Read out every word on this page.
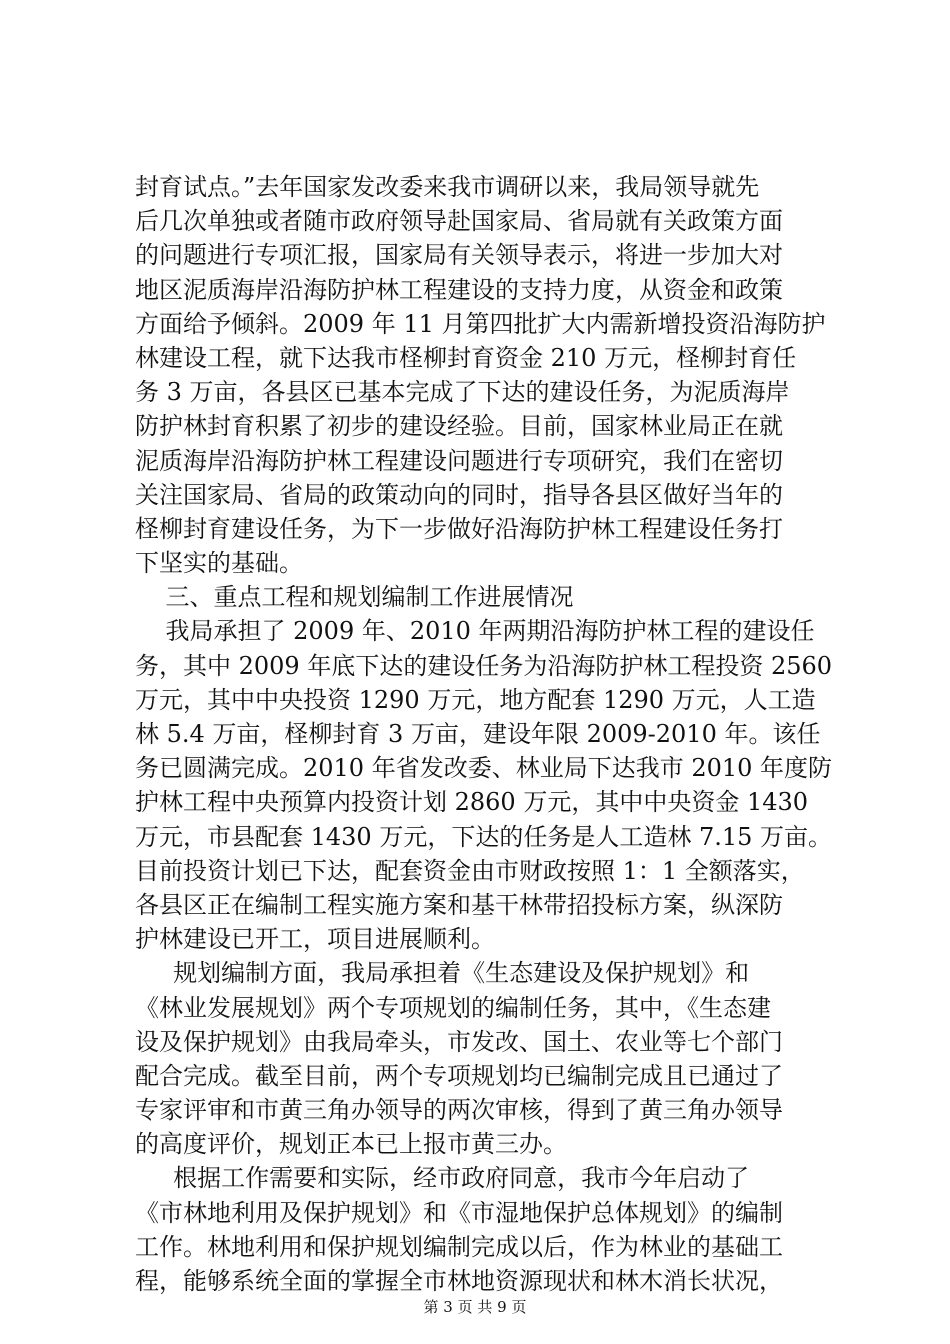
封育试点。”去年国家发改委来我市调研以来，我局领导就先
后几次单独或者随市政府领导赴国家局、省局就有关政策方面
的问题进行专项汇报，国家局有关领导表示，将进一步加大对
地区泥质海岸沿海防护林工程建设的支持力度，从资金和政策
方面给予倾斜。2009 年 11 月第四批扩大内需新增投资沿海防护
林建设工程，就下达我市柽柳封育资金 210 万元，柽柳封育任
务 3 万亩，各县区已基本完成了下达的建设任务，为泥质海岸
防护林封育积累了初步的建设经验。目前，国家林业局正在就
泥质海岸沿海防护林工程建设问题进行专项研究，我们在密切
关注国家局、省局的政策动向的同时，指导各县区做好当年的
柽柳封育建设任务，为下一步做好沿海防护林工程建设任务打
下坚实的基础。
三、重点工程和规划编制工作进展情况
我局承担了 2009 年、2010 年两期沿海防护林工程的建设任
务，其中 2009 年底下达的建设任务为沿海防护林工程投资 2560
万元，其中中央投资 1290 万元，地方配套 1290 万元，人工造
林 5.4 万亩，柽柳封育 3 万亩，建设年限 2009-2010 年。该任
务已圆满完成。2010 年省发改委、林业局下达我市 2010 年度防
护林工程中央预算内投资计划 2860 万元，其中中央资金 1430
万元，市县配套 1430 万元，下达的任务是人工造林 7.15 万亩。
目前投资计划已下达，配套资金由市财政按照 1：1 全额落实，
各县区正在编制工程实施方案和基干林带招投标方案，纵深防
护林建设已开工，项目进展顺利。
规划编制方面，我局承担着《生态建设及保护规划》和
《林业发展规划》两个专项规划的编制任务，其中，《生态建
设及保护规划》由我局牵头，市发改、国土、农业等七个部门
配合完成。截至目前，两个专项规划均已编制完成且已通过了
专家评审和市黄三角办领导的两次审核，得到了黄三角办领导
的高度评价，规划正本已上报市黄三办。
根据工作需要和实际，经市政府同意，我市今年启动了
《市林地利用及保护规划》和《市湿地保护总体规划》的编制
工作。林地利用和保护规划编制完成以后，作为林业的基础工
程，能够系统全面的掌握全市林地资源现状和林木消长状况，
第 3 页 共 9 页
